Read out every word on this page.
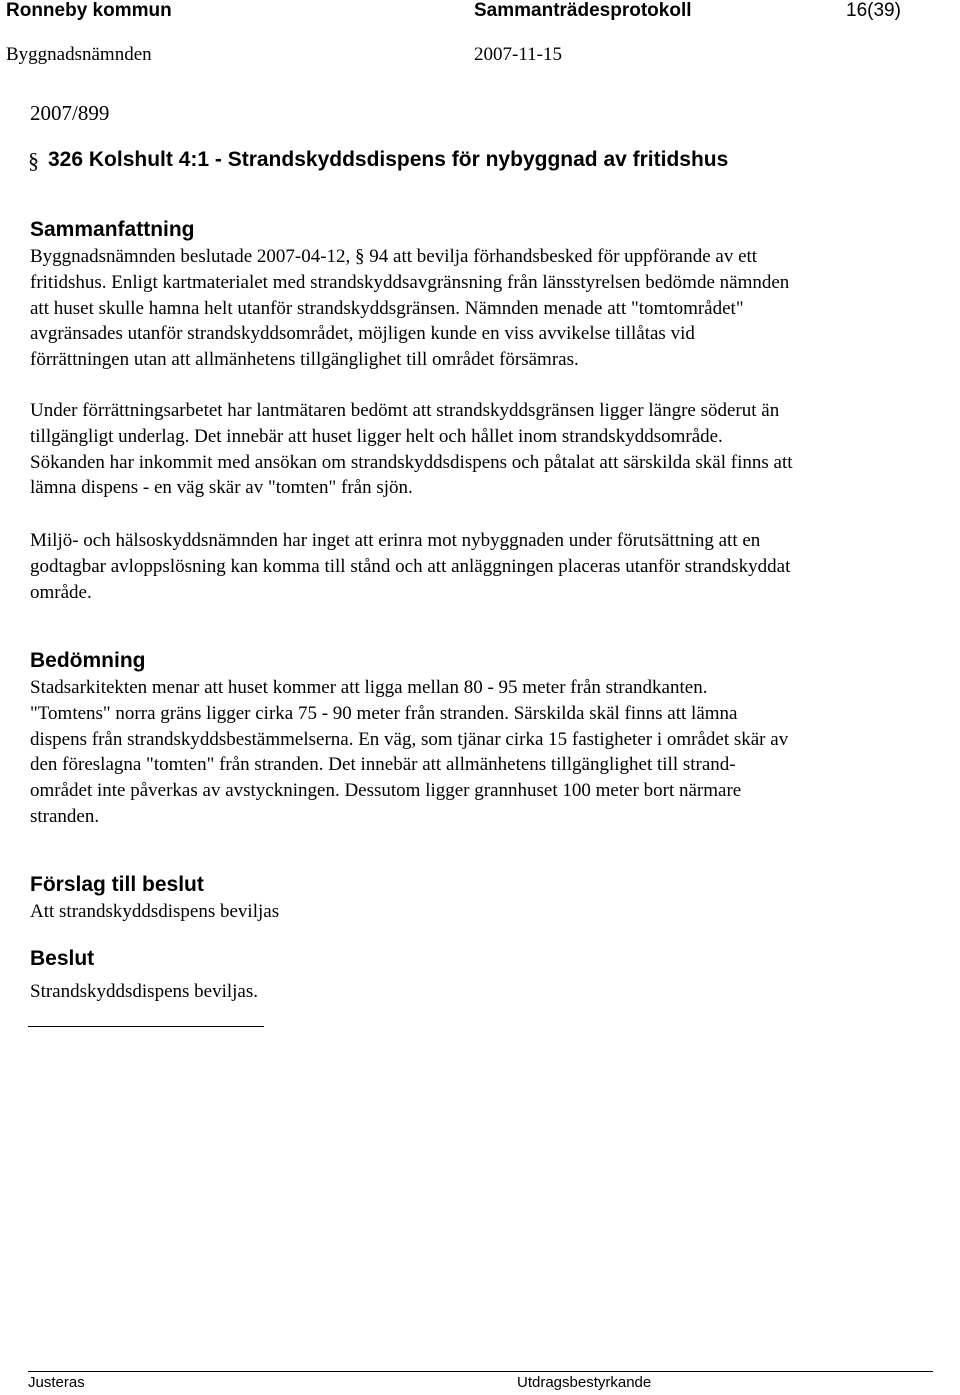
Ronneby kommun	Sammanträdesprotokoll	16(39)
Byggnadsnämnden	2007-11-15
2007/899
§ 326 Kolshult 4:1 - Strandskyddsdispens för nybyggnad av fritidshus
Sammanfattning
Byggnadsnämnden beslutade 2007-04-12, § 94 att bevilja förhandsbesked för uppförande av ett
fritidshus. Enligt kartmaterialet med strandskyddsavgränsning från länsstyrelsen bedömde nämnden
att huset skulle hamna helt utanför strandskyddsgränsen. Nämnden menade att "tomtområdet"
avgränsades utanför strandskyddsområdet, möjligen kunde en viss avvikelse tillåtas vid
förrättningen utan att allmänhetens tillgänglighet till området försämras.
Under förrättningsarbetet har lantmätaren bedömt att strandskyddsgränsen ligger längre söderut än
tillgängligt underlag. Det innebär att huset ligger helt och hållet inom strandskyddsområde.
Sökanden har inkommit med ansökan om strandskyddsdispens och påtalat att särskilda skäl finns att
lämna dispens - en väg skär av "tomten" från sjön.
Miljö- och hälsoskyddsnämnden har inget att erinra mot nybyggnaden under förutsättning att en
godtagbar avloppslösning kan komma till stånd och att anläggningen placeras utanför strandskyddat
område.
Bedömning
Stadsarkitekten menar att huset kommer att ligga mellan 80 - 95 meter från strandkanten.
"Tomtens" norra gräns ligger cirka 75 - 90 meter från stranden. Särskilda skäl finns att lämna
dispens från strandskyddsbestämmelserna. En väg, som tjänar cirka 15 fastigheter i området skär av
den föreslagna "tomten" från stranden. Det innebär att allmänhetens tillgänglighet till strand-
området inte påverkas av avstyckningen. Dessutom ligger grannhuset 100 meter bort närmare
stranden.
Förslag till beslut
Att strandskyddsdispens beviljas
Beslut
Strandskyddsdispens beviljas.
Justeras	Utdragsbestyrkande
